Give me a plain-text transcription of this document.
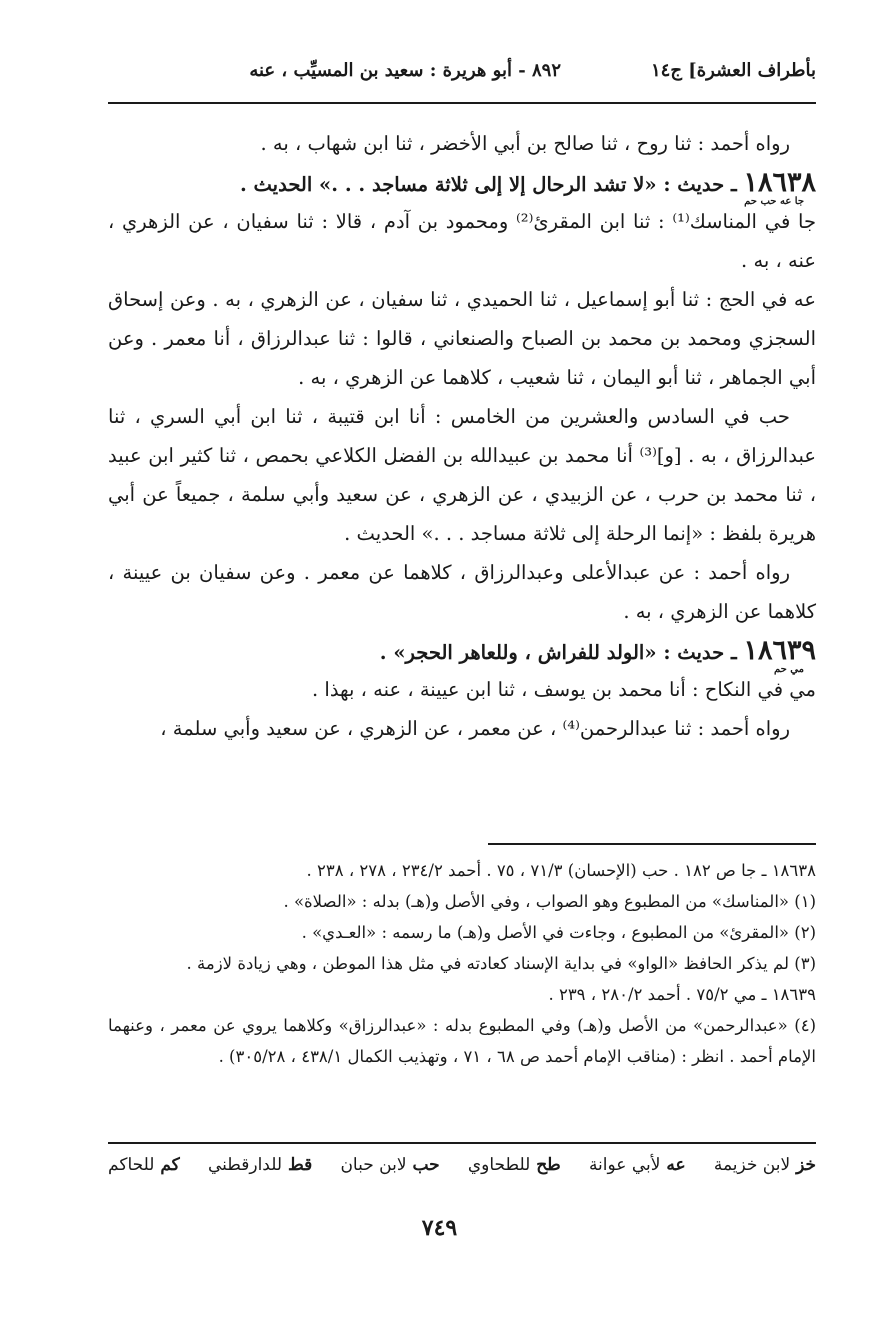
بأطراف العشرة] ج١٤
٨٩٢ - أبو هريرة : سعيد بن المسيِّب ، عنه

رواه أحمد : ثنا روح ، ثنا صالح بن أبي الأخضر ، ثنا ابن شهاب ، به .

١٨٦٣٨ ـ حديث : «لا تشد الرحال إلا إلى ثلاثة مساجد . . .» الحديث .
جا عه حب حم

جا في المناسك⁽¹⁾ : ثنا ابن المقرئ⁽²⁾ ومحمود بن آدم ، قالا : ثنا سفيان ، عن الزهري ، عنه ، به .

عه في الحج : ثنا أبو إسماعيل ، ثنا الحميدي ، ثنا سفيان ، عن الزهري ، به . وعن إسحاق السجزي ومحمد بن محمد بن الصباح والصنعاني ، قالوا : ثنا عبدالرزاق ، أنا معمر . وعن أبي الجماهر ، ثنا أبو اليمان ، ثنا شعيب ، كلاهما عن الزهري ، به .

حب في السادس والعشرين من الخامس : أنا ابن قتيبة ، ثنا ابن أبي السري ، ثنا عبدالرزاق ، به . [و]⁽³⁾ أنا محمد بن عبيدالله بن الفضل الكلاعي بحمص ، ثنا كثير ابن عبيد ، ثنا محمد بن حرب ، عن الزبيدي ، عن الزهري ، عن سعيد وأبي سلمة ، جميعاً عن أبي هريرة بلفظ : «إنما الرحلة إلى ثلاثة مساجد . . .» الحديث .

رواه أحمد : عن عبدالأعلى وعبدالرزاق ، كلاهما عن معمر . وعن سفيان بن عيينة ، كلاهما عن الزهري ، به .

١٨٦٣٩ ـ حديث : «الولد للفراش ، وللعاهر الحجر» .
مي حم

مي في النكاح : أنا محمد بن يوسف ، ثنا ابن عيينة ، عنه ، بهذا .

رواه أحمد : ثنا عبدالرحمن⁽⁴⁾ ، عن معمر ، عن الزهري ، عن سعيد وأبي سلمة ،

١٨٦٣٨ ـ جا ص ١٨٢ . حب (الإحسان) ٧١/٣ ، ٧٥ . أحمد ٢٣٤/٢ ، ٢٧٨ ، ٢٣٨ .

(١) «المناسك» من المطبوع وهو الصواب ، وفي الأصل و(هـ) بدله : «الصلاة» .

(٢) «المقرئ» من المطبوع ، وجاءت في الأصل و(هـ) ما رسمه : «العـدي» .

(٣) لم يذكر الحافظ «الواو» في بداية الإسناد كعادته في مثل هذا الموطن ، وهي زيادة لازمة .

١٨٦٣٩ ـ مي ٧٥/٢ . أحمد ٢٨٠/٢ ، ٢٣٩ .

(٤) «عبدالرحمن» من الأصل و(هـ) وفي المطبوع بدله : «عبدالرزاق» وكلاهما يروي عن معمر ، وعنهما الإمام أحمد . انظر : (مناقب الإمام أحمد ص ٦٨ ، ٧١ ، وتهذيب الكمال ٤٣٨/١ ، ٣٠٥/٢٨) .

خز لابن خزيمة
عه لأبي عوانة
طح للطحاوي
حب لابن حبان
قط للدارقطني
كم للحاكم
٧٤٩
